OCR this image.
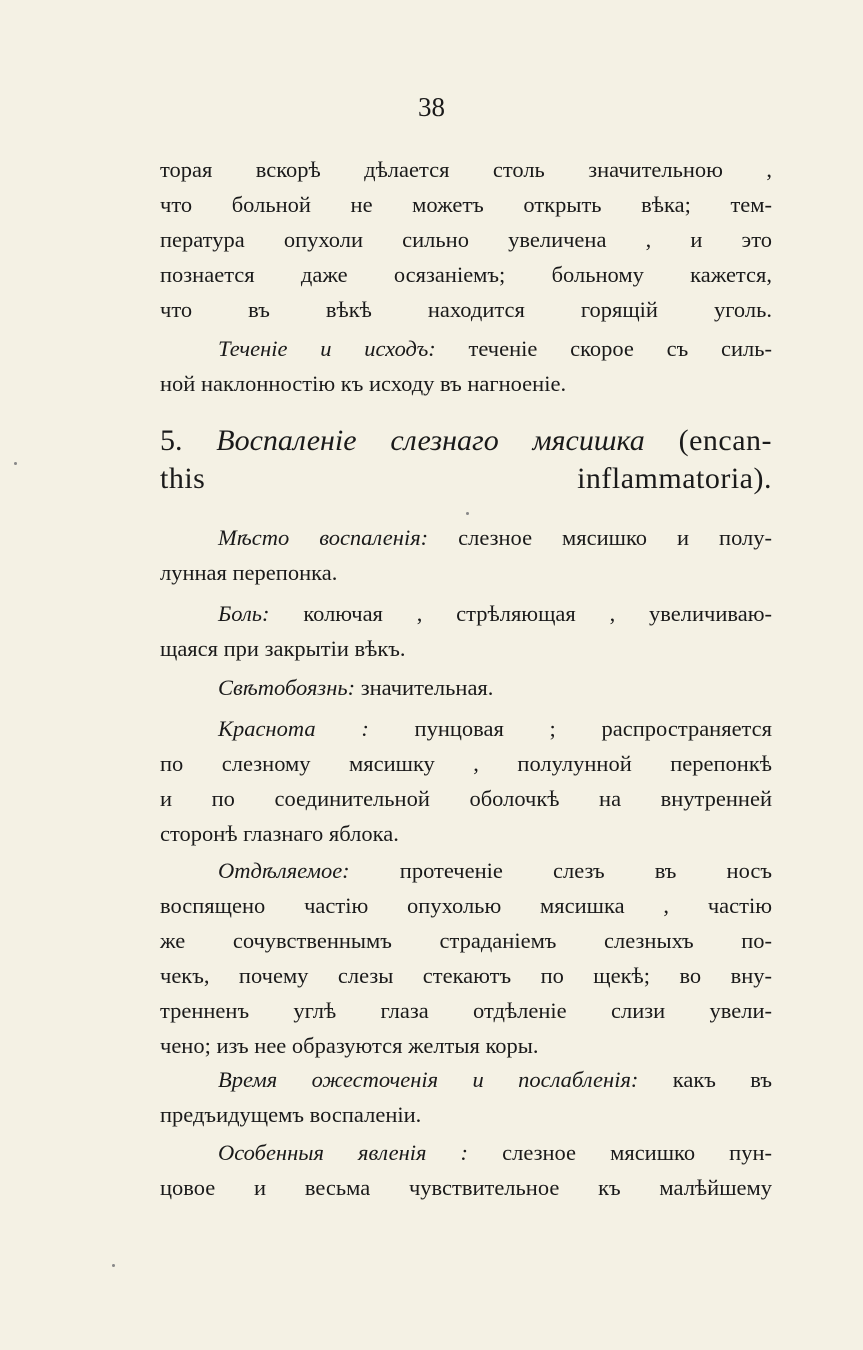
38
торая вскорѣ дѣлается столь значительною ,
что больной не можетъ открыть вѣка; тем-
пература опухоли сильно увеличена , и это
познается даже осязаніемъ; больному кажется,
что въ вѣкѣ находится горящій уголь.
Теченіе и исходъ: теченіе скорое съ силь-
ной наклонностію къ исходу въ нагноеніе.
5. Воспаленіе слезнаго мясишка (encan-
this inflammatoria).
Мѣсто воспаленія: слезное мясишко и полу-
лунная перепонка.
Боль: колючая , стрѣляющая , увеличиваю-
щаяся при закрытіи вѣкъ.
Свѣтобоязнь: значительная.
Краснота : пунцовая ; распространяется
по слезному мясишку , полулунной перепонкѣ
и по соединительной оболочкѣ на внутренней
сторонѣ глазнаго яблока.
Отдѣляемое: протеченіе слезъ въ носъ
воспящено частію опухолью мясишка , частію
же сочувственнымъ страданіемъ слезныхъ по-
чекъ, почему слезы стекаютъ по щекѣ; во вну-
тренненъ углѣ глаза отдѣленіе слизи увели-
чено; изъ нее образуются желтыя коры.
Время ожесточенія и послабленія: какъ въ
предъидущемъ воспаленіи.
Особенныя явленія : слезное мясишко пун-
цовое и весьма чувствительное къ малѣйшему
